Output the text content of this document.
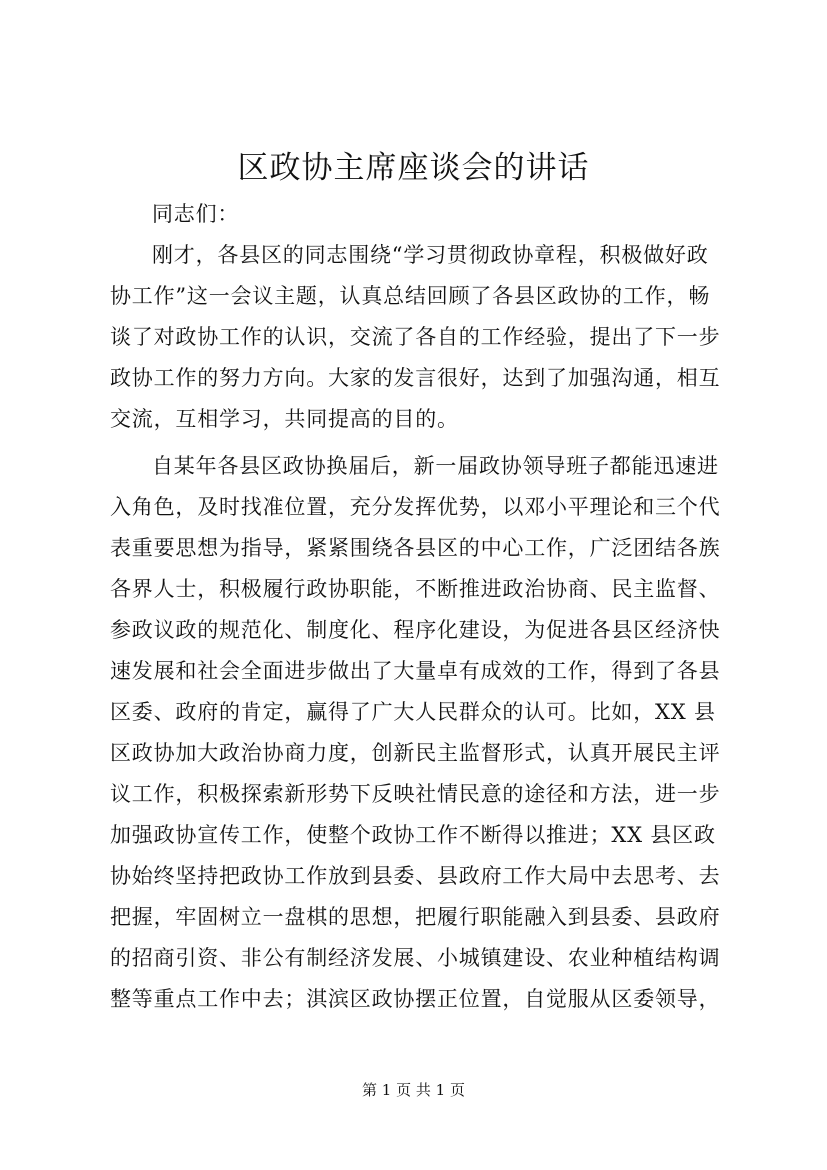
区政协主席座谈会的讲话
同志们：
刚才，各县区的同志围绕“学习贯彻政协章程，积极做好政
协工作”这一会议主题，认真总结回顾了各县区政协的工作，畅
谈了对政协工作的认识，交流了各自的工作经验，提出了下一步
政协工作的努力方向。大家的发言很好，达到了加强沟通，相互
交流，互相学习，共同提高的目的。
自某年各县区政协换届后，新一届政协领导班子都能迅速进
入角色，及时找准位置，充分发挥优势，以邓小平理论和三个代
表重要思想为指导，紧紧围绕各县区的中心工作，广泛团结各族
各界人士，积极履行政协职能，不断推进政治协商、民主监督、
参政议政的规范化、制度化、程序化建设，为促进各县区经济快
速发展和社会全面进步做出了大量卓有成效的工作，得到了各县
区委、政府的肯定，赢得了广大人民群众的认可。比如，XX 县
区政协加大政治协商力度，创新民主监督形式，认真开展民主评
议工作，积极探索新形势下反映社情民意的途径和方法，进一步
加强政协宣传工作，使整个政协工作不断得以推进；XX 县区政
协始终坚持把政协工作放到县委、县政府工作大局中去思考、去
把握，牢固树立一盘棋的思想，把履行职能融入到县委、县政府
的招商引资、非公有制经济发展、小城镇建设、农业种植结构调
整等重点工作中去；淇滨区政协摆正位置，自觉服从区委领导，
第 1 页 共 1 页
